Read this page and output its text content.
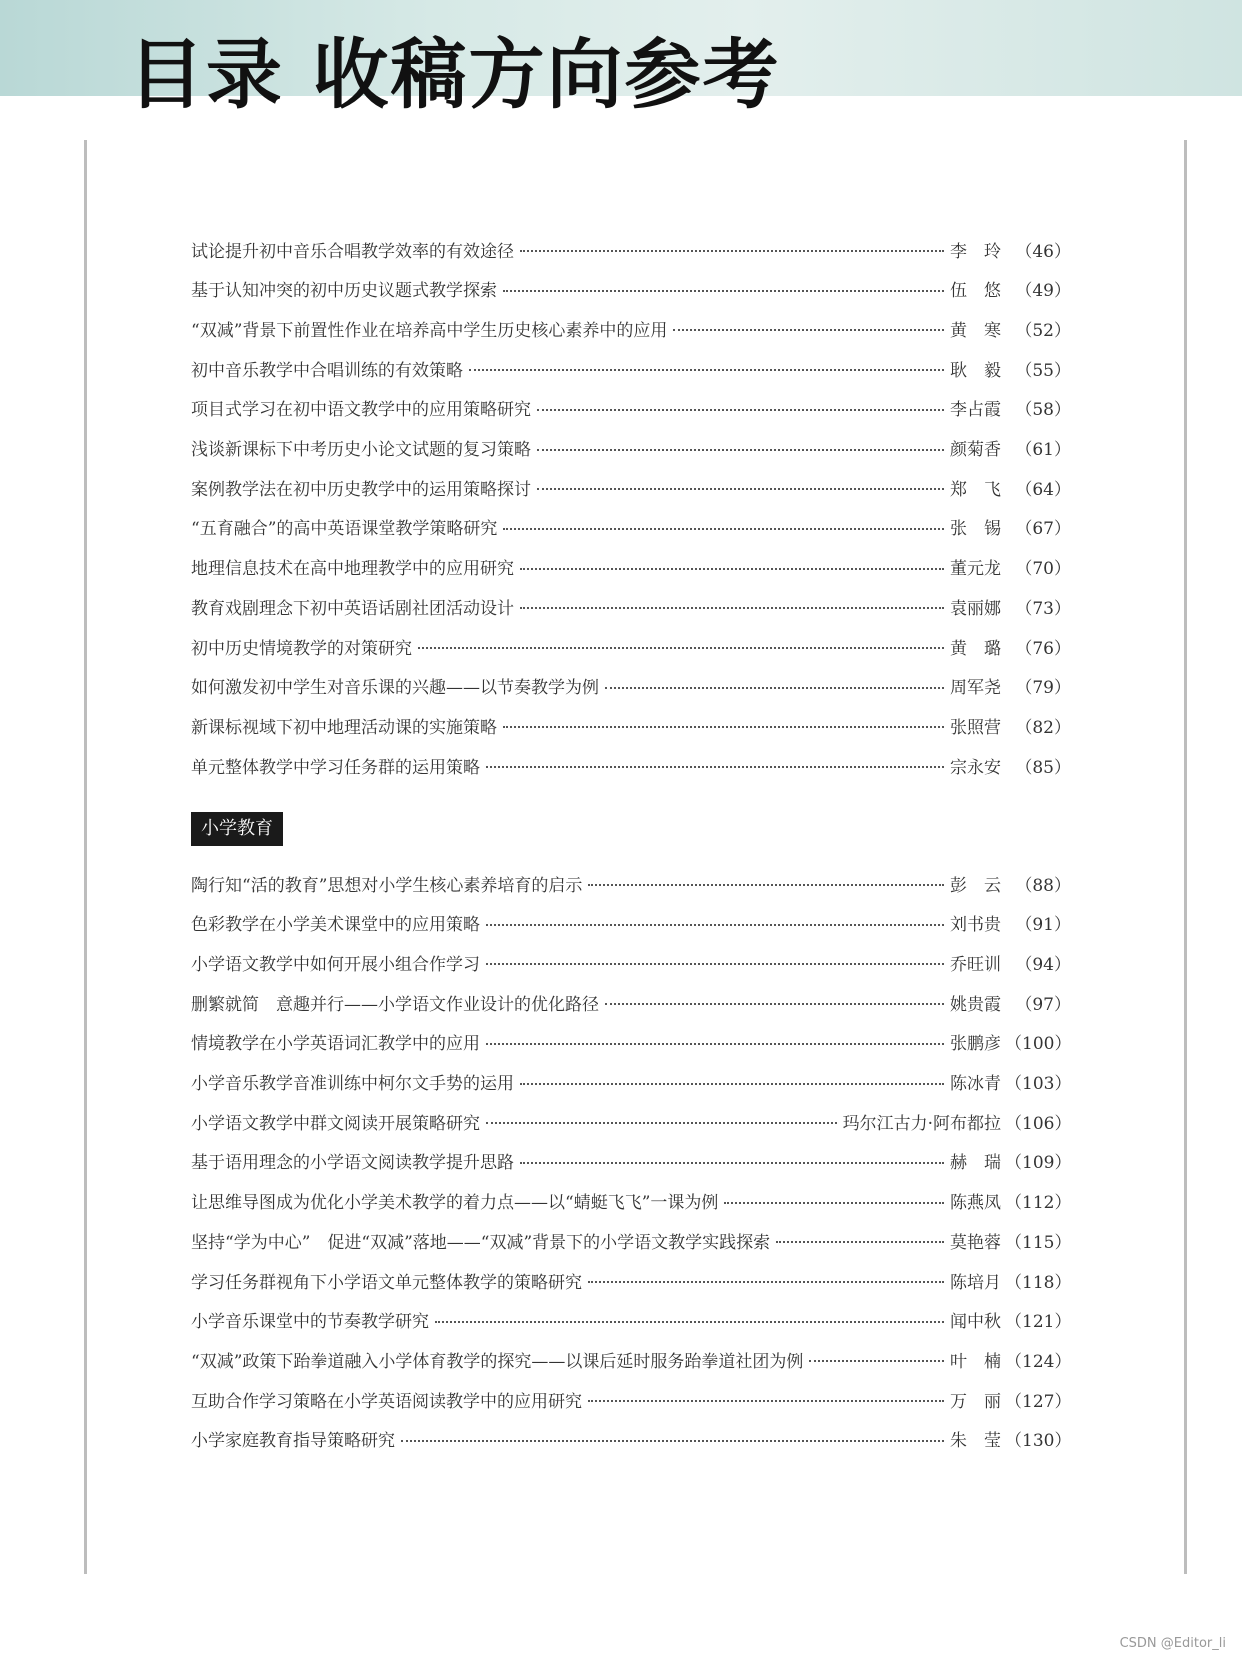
目录 收稿方向参考
试论提升初中音乐合唱教学效率的有效途径	李　玲 （46）
基于认知冲突的初中历史议题式教学探索	伍　悠 （49）
“双减”背景下前置性作业在培养高中学生历史核心素养中的应用	黄　寒 （52）
初中音乐教学中合唱训练的有效策略	耿　毅 （55）
项目式学习在初中语文教学中的应用策略研究	李占霞 （58）
浅谈新课标下中考历史小论文试题的复习策略	颜菊香 （61）
案例教学法在初中历史教学中的运用策略探讨	郑　飞 （64）
“五育融合”的高中英语课堂教学策略研究	张　锡 （67）
地理信息技术在高中地理教学中的应用研究	董元龙 （70）
教育戏剧理念下初中英语话剧社团活动设计	袁丽娜 （73）
初中历史情境教学的对策研究	黄　璐 （76）
如何激发初中学生对音乐课的兴趣——以节奏教学为例	周军尧 （79）
新课标视域下初中地理活动课的实施策略	张照营 （82）
单元整体教学中学习任务群的运用策略	宗永安 （85）
陶行知“活的教育”思想对小学生核心素养培育的启示	彭　云 （88）
色彩教学在小学美术课堂中的应用策略	刘书贵 （91）
小学语文教学中如何开展小组合作学习	乔旺训 （94）
删繁就简　意趣并行——小学语文作业设计的优化路径	姚贵霞 （97）
情境教学在小学英语词汇教学中的应用	张鹏彦 （100）
小学音乐教学音准训练中柯尔文手势的运用	陈冰青 （103）
小学语文教学中群文阅读开展策略研究	玛尔江古力·阿布都拉 （106）
基于语用理念的小学语文阅读教学提升思路	赫　瑞 （109）
让思维导图成为优化小学美术教学的着力点——以“蜻蜓飞飞”一课为例	陈燕凤 （112）
坚持“学为中心”　促进“双减”落地——“双减”背景下的小学语文教学实践探索	莫艳蓉 （115）
学习任务群视角下小学语文单元整体教学的策略研究	陈培月 （118）
小学音乐课堂中的节奏教学研究	闻中秋 （121）
“双减”政策下跆拳道融入小学体育教学的探究——以课后延时服务跆拳道社团为例	叶　楠 （124）
互助合作学习策略在小学英语阅读教学中的应用研究	万　丽 （127）
小学家庭教育指导策略研究	朱　莹 （130）
小学教育
CSDN @Editor_li
